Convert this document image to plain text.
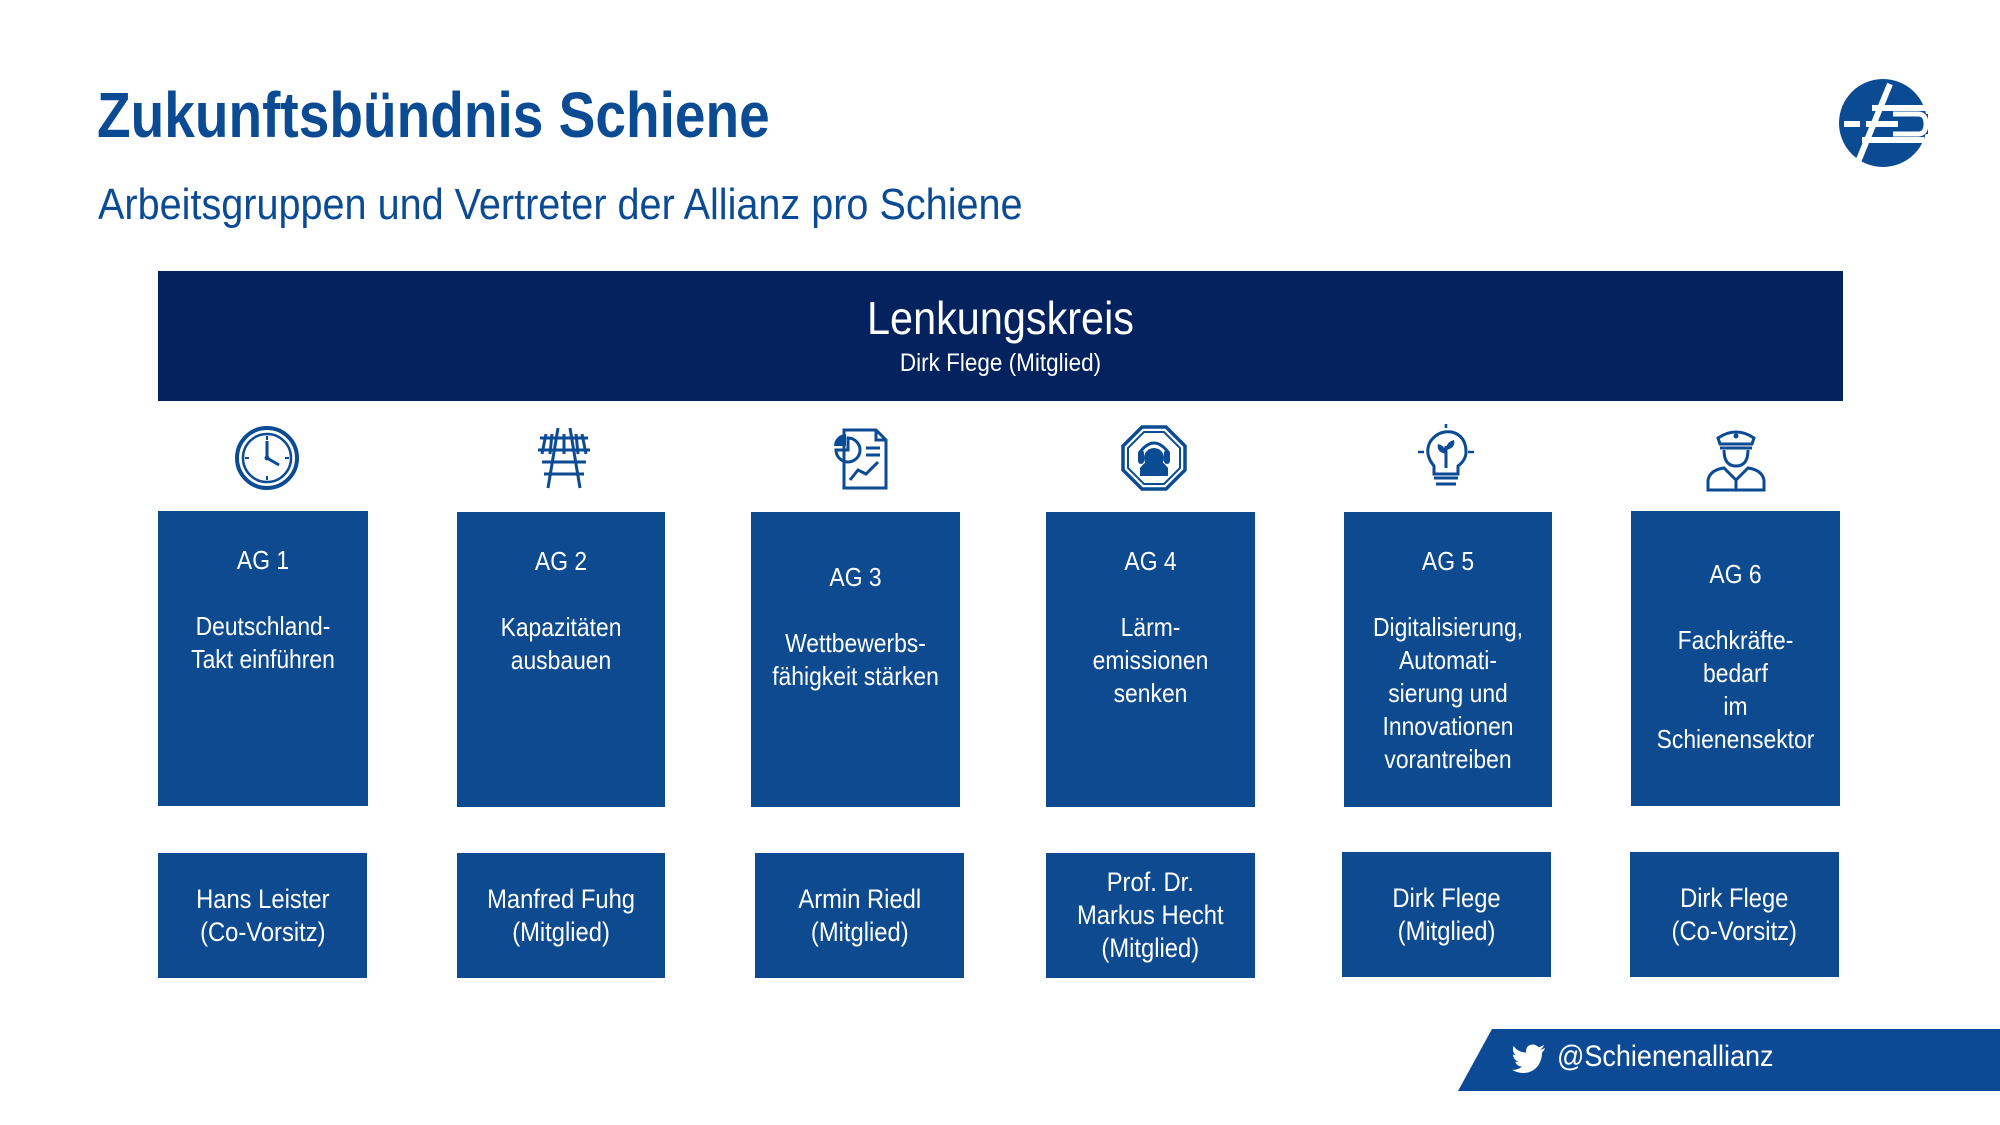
Zukunftsbündnis Schiene
Arbeitsgruppen und Vertreter der Allianz pro Schiene
Lenkungskreis
Dirk Flege (Mitglied)
AG 1
Deutschland-
Takt einführen
AG 2
Kapazitäten
ausbauen
AG 3
Wettbewerbs-
fähigkeit stärken
AG 4
Lärm-
emissionen
senken
AG 5
Digitalisierung,
Automati-
sierung und
Innovationen
vorantreiben
AG 6
Fachkräfte-
bedarf
im
Schienensektor
Hans Leister
(Co-Vorsitz)
Manfred Fuhg
(Mitglied)
Armin Riedl
(Mitglied)
Prof. Dr.
Markus Hecht
(Mitglied)
Dirk Flege
(Mitglied)
Dirk Flege
(Co-Vorsitz)
@Schienenallianz
